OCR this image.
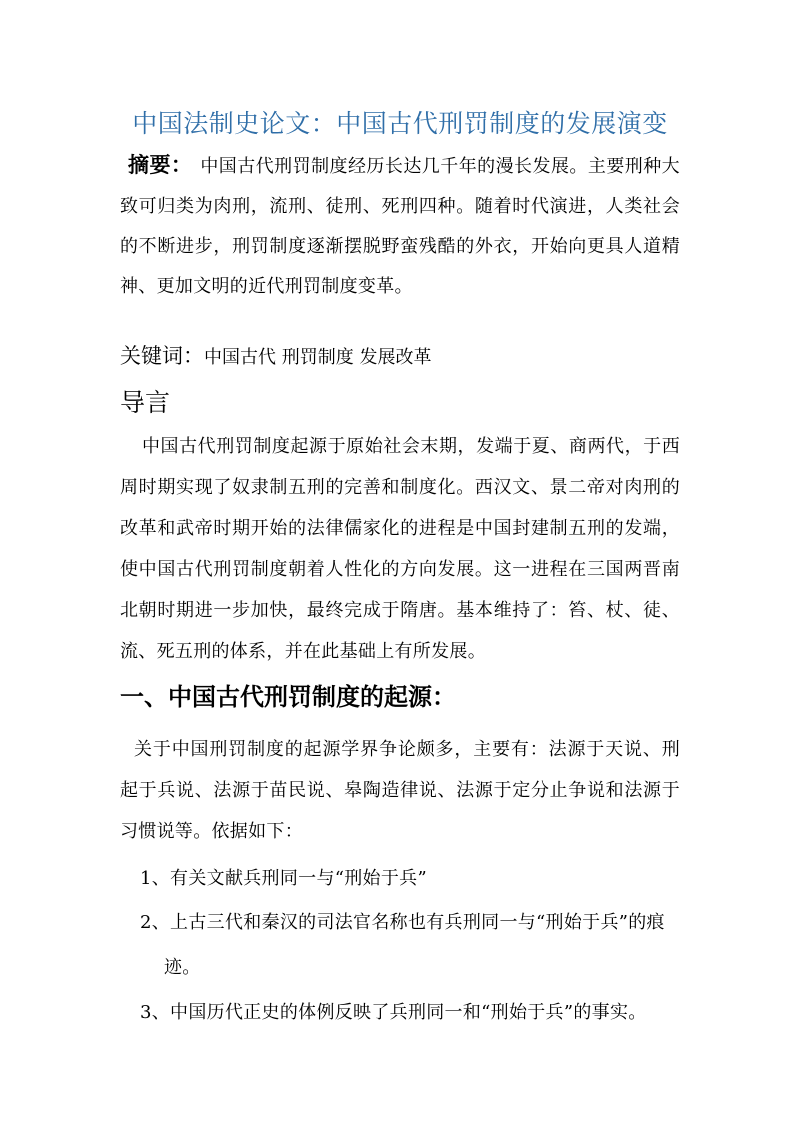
中国法制史论文：中国古代刑罚制度的发展演变
摘要： 中国古代刑罚制度经历长达几千年的漫长发展。主要刑种大致可归类为肉刑，流刑、徒刑、死刑四种。随着时代演进，人类社会的不断进步，刑罚制度逐渐摆脱野蛮残酷的外衣，开始向更具人道精神、更加文明的近代刑罚制度变革。
关键词：中国古代 刑罚制度 发展改革
导言
中国古代刑罚制度起源于原始社会末期，发端于夏、商两代，于西周时期实现了奴隶制五刑的完善和制度化。西汉文、景二帝对肉刑的改革和武帝时期开始的法律儒家化的进程是中国封建制五刑的发端，使中国古代刑罚制度朝着人性化的方向发展。这一进程在三国两晋南北朝时期进一步加快，最终完成于隋唐。基本维持了：笞、杖、徒、流、死五刑的体系，并在此基础上有所发展。
一、中国古代刑罚制度的起源：
关于中国刑罚制度的起源学界争论颇多，主要有：法源于天说、刑起于兵说、法源于苗民说、皋陶造律说、法源于定分止争说和法源于习惯说等。依据如下：
1、有关文献兵刑同一与“刑始于兵”
2、上古三代和秦汉的司法官名称也有兵刑同一与“刑始于兵”的痕迹。
3、中国历代正史的体例反映了兵刑同一和“刑始于兵”的事实。
